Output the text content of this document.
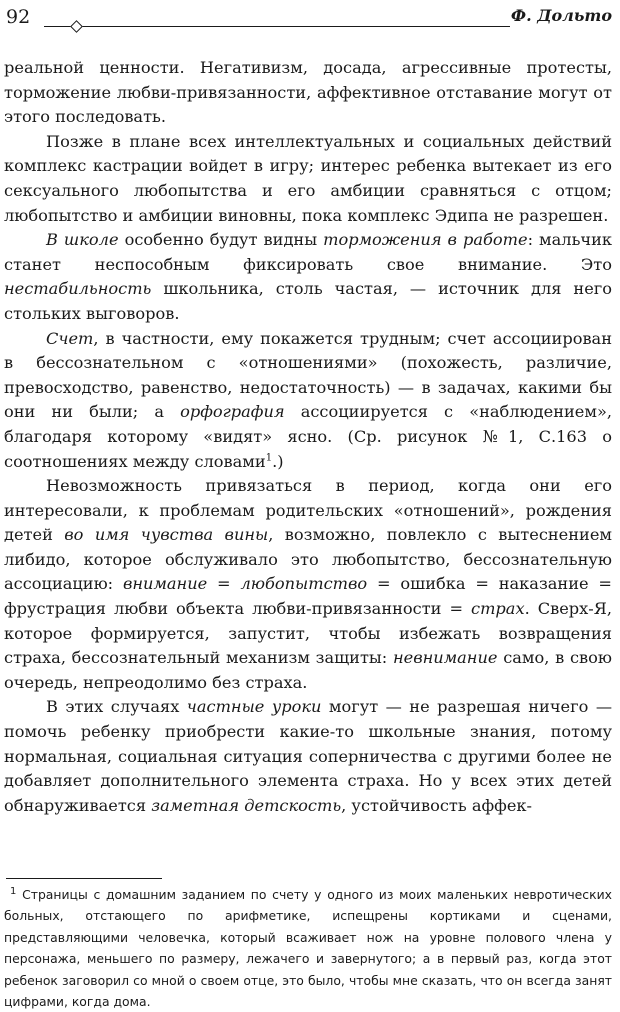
92	Ф. Дольто

реальной ценности. Негативизм, досада, агрессивные протесты, торможение любви-привязанности, аффективное отставание могут от этого последовать.

Позже в плане всех интеллектуальных и социальных действий комплекс кастрации войдет в игру; интерес ребенка вытекает из его сексуального любопытства и его амбиции сравняться с отцом; любопытство и амбиции виновны, пока комплекс Эдипа не разрешен.

В школе особенно будут видны торможения в работе: мальчик станет неспособным фиксировать свое внимание. Это нестабильность школьника, столь частая, — источник для него стольких выговоров.

Счет, в частности, ему покажется трудным; счет ассоциирован в бессознательном с «отношениями» (похожесть, различие, превосходство, равенство, недостаточность) — в задачах, какими бы они ни были; а орфография ассоциируется с «наблюдением», благодаря которому «видят» ясно. (Ср. рисунок №1, С.163 о соотношениях между словами$^1$.)

Невозможность привязаться в период, когда они его интересовали, к проблемам родительских «отношений», рождения детей во имя чувства вины, возможно, повлекло с вытеснением либидо, которое обслуживало это любопытство, бессознательную ассоциацию: внимание = любопытство = ошибка = наказание = фрустрация любви объекта любви-привязанности = страх. Сверх-Я, которое формируется, запустит, чтобы избежать возвращения страха, бессознательный механизм защиты: невнимание само, в свою очередь, непреодолимо без страха.

В этих случаях частные уроки могут — не разрешая ничего — помочь ребенку приобрести какие-то школьные знания, потому нормальная, социальная ситуация соперничества с другими более не добавляет дополнительного элемента страха. Но у всех этих детей обнаруживается заметная детскость, устойчивость аффек-

$^1$ Страницы с домашним заданием по счету у одного из моих маленьких невротических больных, отстающего по арифметике, испещрены кортиками и сценами, представляющими человечка, который всаживает нож на уровне полового члена у персонажа, меньшего по размеру, лежачего и завернутого; а в первый раз, когда этот ребенок заговорил со мной о своем отце, это было, чтобы мне сказать, что он всегда занят цифрами, когда дома.
